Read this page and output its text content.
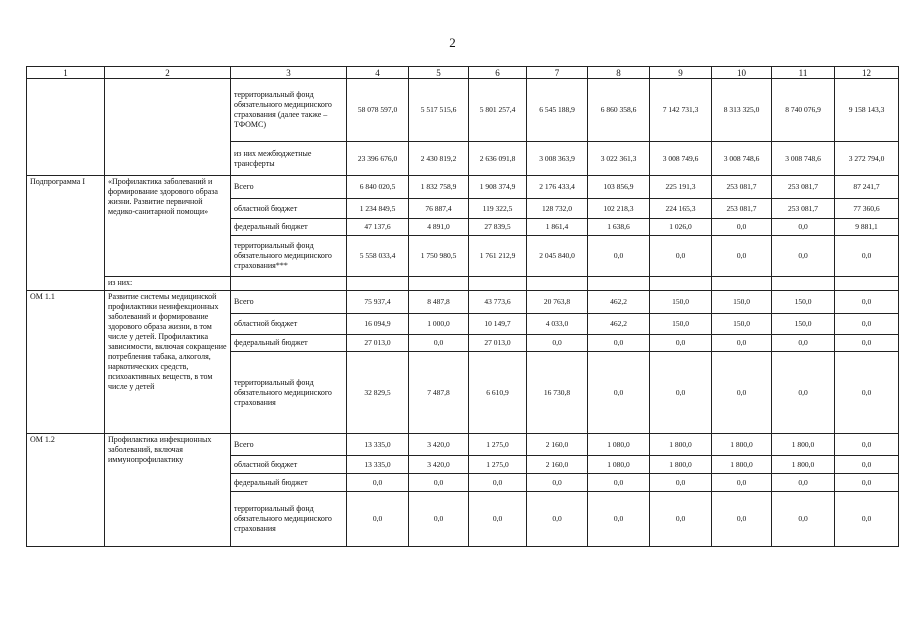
2
1	2	3	4	5	6	7	8	9	10	11	12
		территориальный фонд обязательного медицинского страхования (далее также – ТФОМС)	58 078 597,0	5 517 515,6	5 801 257,4	6 545 188,9	6 860 358,6	7 142 731,3	8 313 325,0	8 740 076,9	9 158 143,3
		из них межбюджетные трансферты	23 396 676,0	2 430 819,2	2 636 091,8	3 008 363,9	3 022 361,3	3 008 749,6	3 008 748,6	3 008 748,6	3 272 794,0
Подпрограмма I	«Профилактика заболеваний и формирование здорового образа жизни. Развитие первичной медико-санитарной помощи»	Всего	6 840 020,5	1 832 758,9	1 908 374,9	2 176 433,4	103 856,9	225 191,3	253 081,7	253 081,7	87 241,7
		областной бюджет	1 234 849,5	76 887,4	119 322,5	128 732,0	102 218,3	224 165,3	253 081,7	253 081,7	77 360,6
		федеральный бюджет	47 137,6	4 891,0	27 839,5	1 861,4	1 638,6	1 026,0	0,0	0,0	9 881,1
		территориальный фонд обязательного медицинского страхования***	5 558 033,4	1 750 980,5	1 761 212,9	2 045 840,0	0,0	0,0	0,0	0,0	0,0
	из них:										
ОМ 1.1	Развитие системы медицинской профилактики неинфекционных заболеваний и формирование здорового образа жизни, в том числе у детей. Профилактика зависимости, включая сокращение потребления табака, алкоголя, наркотических средств, психоактивных веществ, в том числе у детей	Всего	75 937,4	8 487,8	43 773,6	20 763,8	462,2	150,0	150,0	150,0	0,0
		областной бюджет	16 094,9	1 000,0	10 149,7	4 033,0	462,2	150,0	150,0	150,0	0,0
		федеральный бюджет	27 013,0	0,0	27 013,0	0,0	0,0	0,0	0,0	0,0	0,0
		территориальный фонд обязательного медицинского страхования	32 829,5	7 487,8	6 610,9	16 730,8	0,0	0,0	0,0	0,0	0,0
ОМ 1.2	Профилактика инфекционных заболеваний, включая иммунопрофилактику	Всего	13 335,0	3 420,0	1 275,0	2 160,0	1 080,0	1 800,0	1 800,0	1 800,0	0,0
		областной бюджет	13 335,0	3 420,0	1 275,0	2 160,0	1 080,0	1 800,0	1 800,0	1 800,0	0,0
		федеральный бюджет	0,0	0,0	0,0	0,0	0,0	0,0	0,0	0,0	0,0
		территориальный фонд обязательного медицинского страхования	0,0	0,0	0,0	0,0	0,0	0,0	0,0	0,0	0,0
